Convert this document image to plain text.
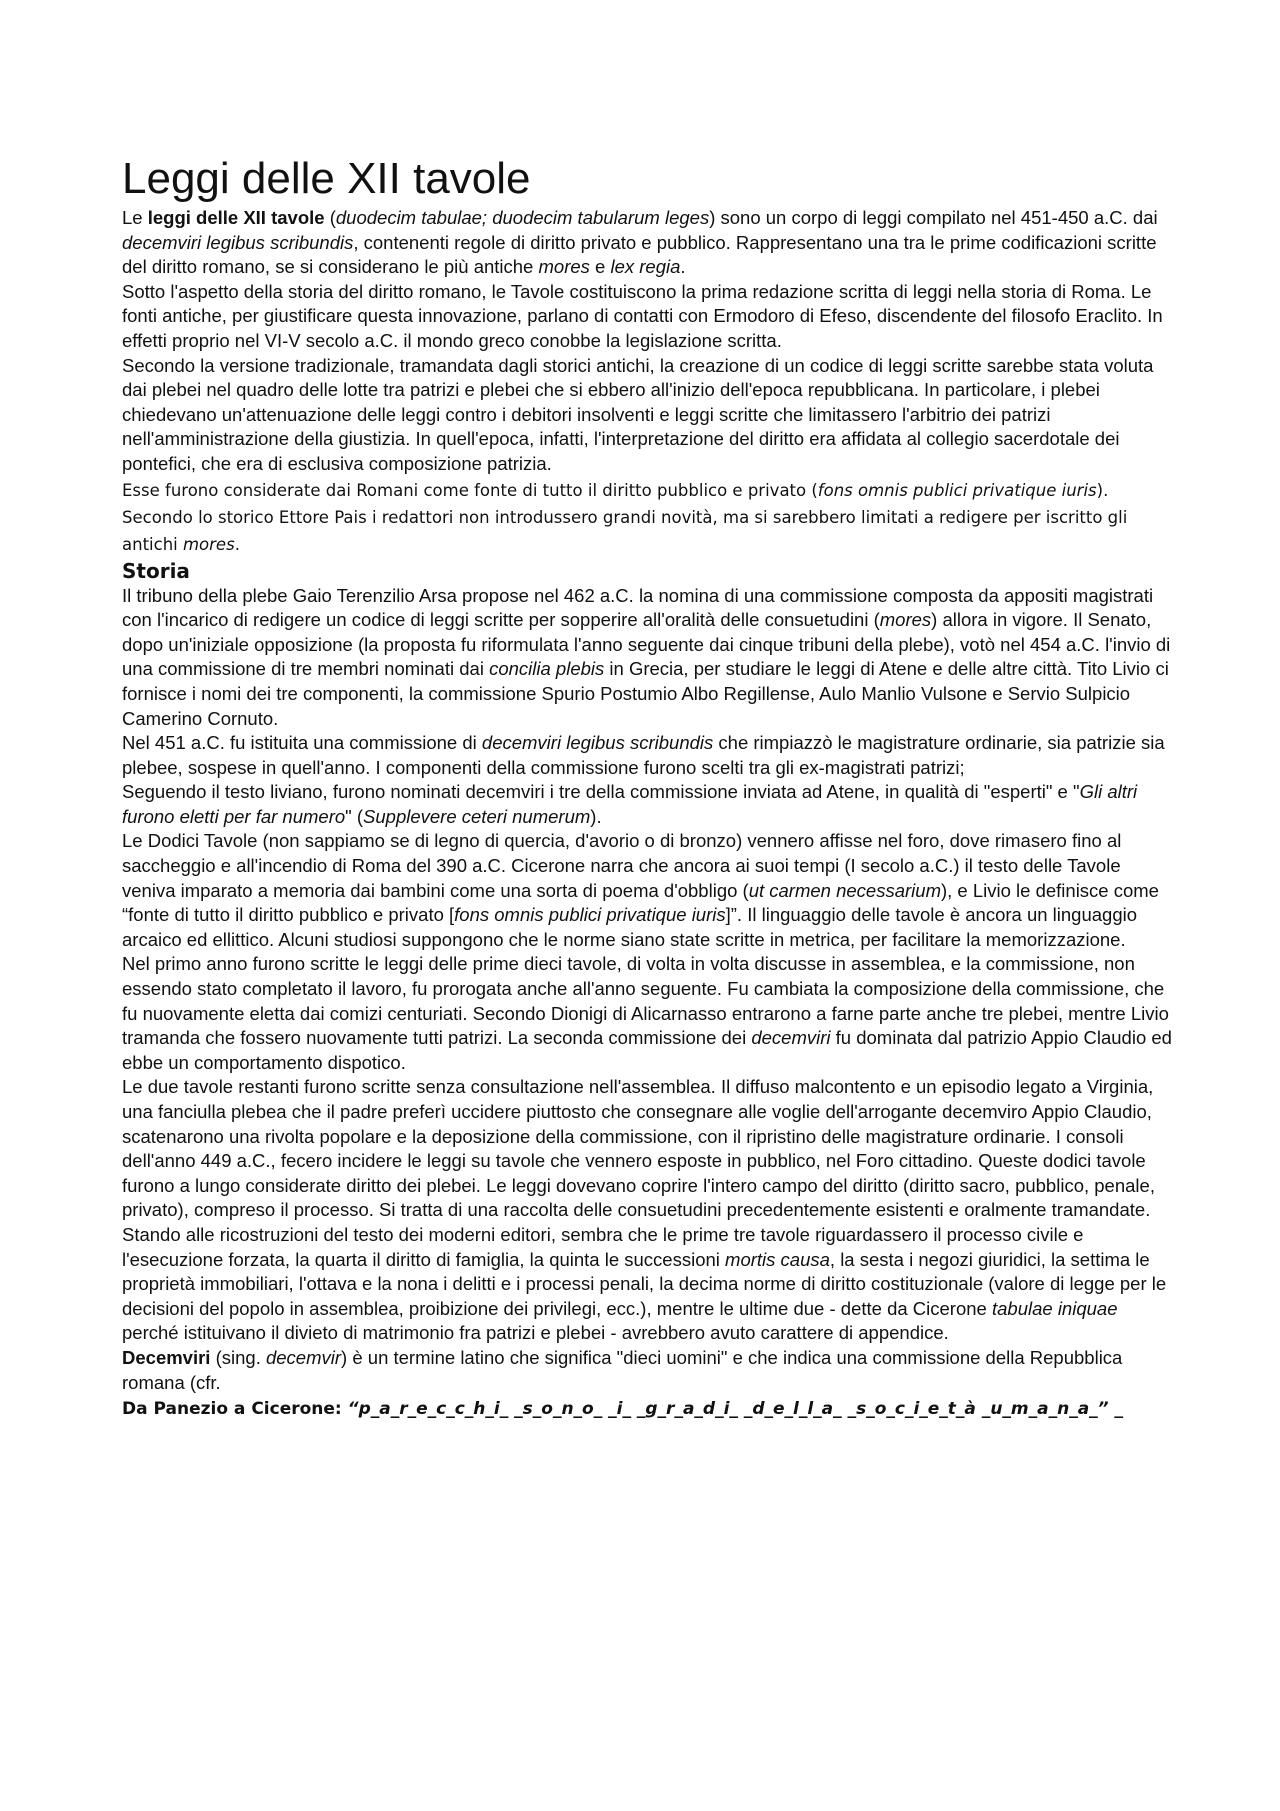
Leggi delle XII tavole

Le leggi delle XII tavole (duodecim tabulae; duodecim tabularum leges) sono un corpo di leggi compilato nel 451-450 a.C. dai decemviri legibus scribundis, contenenti regole di diritto privato e pubblico. Rappresentano una tra le prime codificazioni scritte del diritto romano, se si considerano le più antiche mores e lex regia.

Sotto l'aspetto della storia del diritto romano, le Tavole costituiscono la prima redazione scritta di leggi nella storia di Roma. Le fonti antiche, per giustificare questa innovazione, parlano di contatti con Ermodoro di Efeso, discendente del filosofo Eraclito. In effetti proprio nel VI-V secolo a.C. il mondo greco conobbe la legislazione scritta.

Secondo la versione tradizionale, tramandata dagli storici antichi, la creazione di un codice di leggi scritte sarebbe stata voluta dai plebei nel quadro delle lotte tra patrizi e plebei che si ebbero all'inizio dell'epoca repubblicana. In particolare, i plebei chiedevano un'attenuazione delle leggi contro i debitori insolventi e leggi scritte che limitassero l'arbitrio dei patrizi nell'amministrazione della giustizia. In quell'epoca, infatti, l'interpretazione del diritto era affidata al collegio sacerdotale dei pontefici, che era di esclusiva composizione patrizia.

Esse furono considerate dai Romani come fonte di tutto il diritto pubblico e privato (fons omnis publici privatique iuris). Secondo lo storico Ettore Pais i redattori non introdussero grandi novità, ma si sarebbero limitati a redigere per iscritto gli antichi mores.

Storia

Il tribuno della plebe Gaio Terenzilio Arsa propose nel 462 a.C. la nomina di una commissione composta da appositi magistrati con l'incarico di redigere un codice di leggi scritte per sopperire all'oralità delle consuetudini (mores) allora in vigore. Il Senato, dopo un'iniziale opposizione (la proposta fu riformulata l'anno seguente dai cinque tribuni della plebe), votò nel 454 a.C. l'invio di una commissione di tre membri nominati dai concilia plebis in Grecia, per studiare le leggi di Atene e delle altre città. Tito Livio ci fornisce i nomi dei tre componenti, la commissione Spurio Postumio Albo Regillense, Aulo Manlio Vulsone e Servio Sulpicio Camerino Cornuto.

Nel 451 a.C. fu istituita una commissione di decemviri legibus scribundis che rimpiazzò le magistrature ordinarie, sia patrizie sia plebee, sospese in quell'anno. I componenti della commissione furono scelti tra gli ex-magistrati patrizi;

Seguendo il testo liviano, furono nominati decemviri i tre della commissione inviata ad Atene, in qualità di "esperti" e "Gli altri furono eletti per far numero" (Supplevere ceteri numerum).

Le Dodici Tavole (non sappiamo se di legno di quercia, d'avorio o di bronzo) vennero affisse nel foro, dove rimasero fino al saccheggio e all'incendio di Roma del 390 a.C. Cicerone narra che ancora ai suoi tempi (I secolo a.C.) il testo delle Tavole veniva imparato a memoria dai bambini come una sorta di poema d'obbligo (ut carmen necessarium), e Livio le definisce come “fonte di tutto il diritto pubblico e privato [fons omnis publici privatique iuris]”. Il linguaggio delle tavole è ancora un linguaggio arcaico ed ellittico. Alcuni studiosi suppongono che le norme siano state scritte in metrica, per facilitare la memorizzazione.

Nel primo anno furono scritte le leggi delle prime dieci tavole, di volta in volta discusse in assemblea, e la commissione, non essendo stato completato il lavoro, fu prorogata anche all'anno seguente. Fu cambiata la composizione della commissione, che fu nuovamente eletta dai comizi centuriati. Secondo Dionigi di Alicarnasso entrarono a farne parte anche tre plebei, mentre Livio tramanda che fossero nuovamente tutti patrizi. La seconda commissione dei decemviri fu dominata dal patrizio Appio Claudio ed ebbe un comportamento dispotico.

Le due tavole restanti furono scritte senza consultazione nell'assemblea. Il diffuso malcontento e un episodio legato a Virginia, una fanciulla plebea che il padre preferì uccidere piuttosto che consegnare alle voglie dell'arrogante decemviro Appio Claudio, scatenarono una rivolta popolare e la deposizione della commissione, con il ripristino delle magistrature ordinarie. I consoli dell'anno 449 a.C., fecero incidere le leggi su tavole che vennero esposte in pubblico, nel Foro cittadino. Queste dodici tavole furono a lungo considerate diritto dei plebei. Le leggi dovevano coprire l'intero campo del diritto (diritto sacro, pubblico, penale, privato), compreso il processo. Si tratta di una raccolta delle consuetudini precedentemente esistenti e oralmente tramandate. Stando alle ricostruzioni del testo dei moderni editori, sembra che le prime tre tavole riguardassero il processo civile e l'esecuzione forzata, la quarta il diritto di famiglia, la quinta le successioni mortis causa, la sesta i negozi giuridici, la settima le proprietà immobiliari, l'ottava e la nona i delitti e i processi penali, la decima norme di diritto costituzionale (valore di legge per le decisioni del popolo in assemblea, proibizione dei privilegi, ecc.), mentre le ultime due - dette da Cicerone tabulae iniquae perché istituivano il divieto di matrimonio fra patrizi e plebei - avrebbero avuto carattere di appendice.

Decemviri (sing. decemvir) è un termine latino che significa "dieci uomini" e che indica una commissione della Repubblica romana (cfr.

Da Panezio a Cicerone: “p_a_r_e_c_c_h_i_ _s_o_n_o_ _i_ _g_r_a_d_i_ _d_e_l_l_a_ _s_o_c_i_e_t_à _u_m_a_n_a_” _
